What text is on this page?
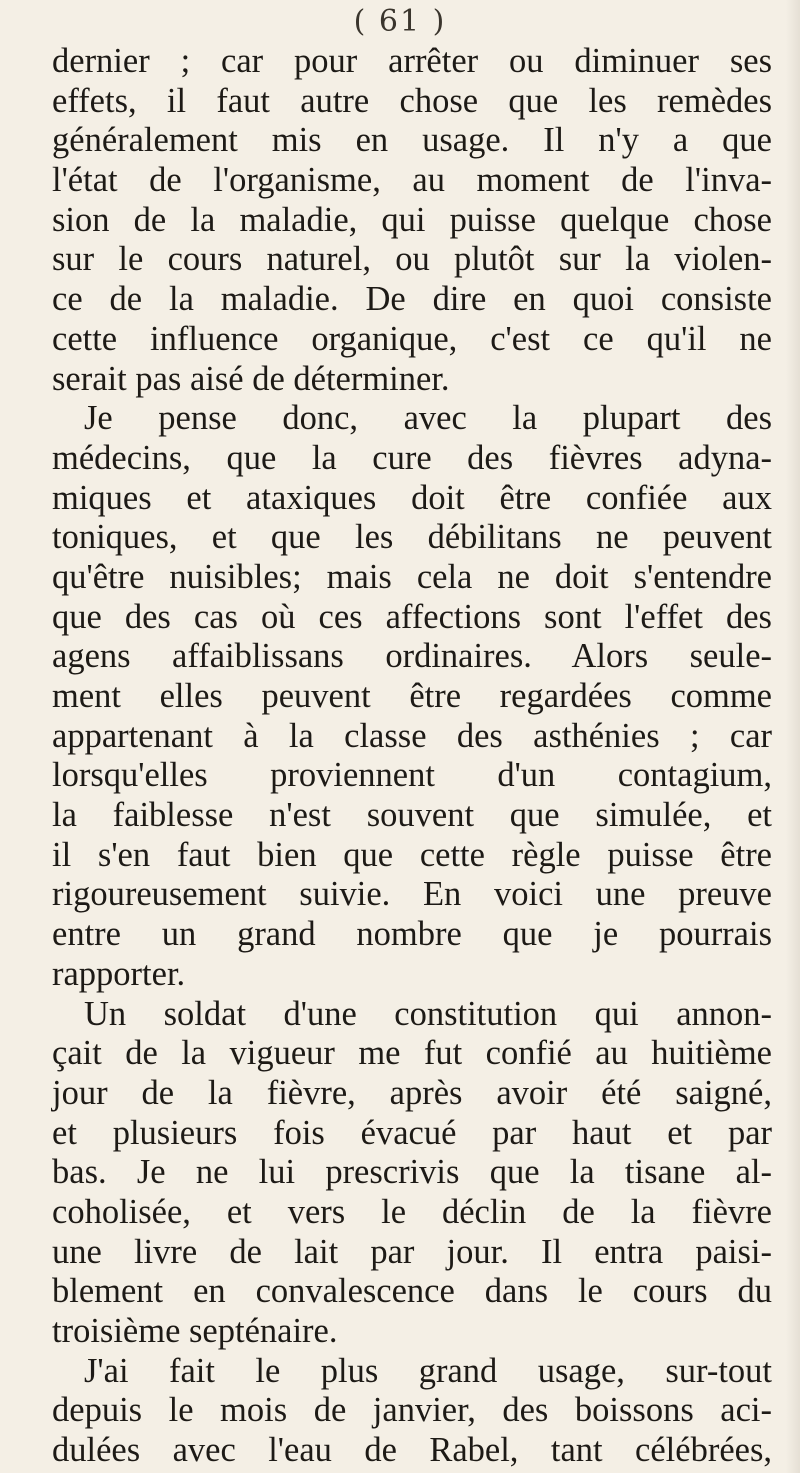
( 61 )
dernier ; car pour arrêter ou diminuer ses
effets, il faut autre chose que les remèdes
généralement mis en usage. Il n'y a que
l'état de l'organisme, au moment de l'inva-
sion de la maladie, qui puisse quelque chose
sur le cours naturel, ou plutôt sur la violen-
ce de la maladie. De dire en quoi consiste
cette influence organique, c'est ce qu'il ne
serait pas aisé de déterminer.
Je pense donc, avec la plupart des
médecins, que la cure des fièvres adyna-
miques et ataxiques doit être confiée aux
toniques, et que les débilitans ne peuvent
qu'être nuisibles; mais cela ne doit s'entendre
que des cas où ces affections sont l'effet des
agens affaiblissans ordinaires. Alors seule-
ment elles peuvent être regardées comme
appartenant à la classe des asthénies ; car
lorsqu'elles proviennent d'un contagium,
la faiblesse n'est souvent que simulée, et
il s'en faut bien que cette règle puisse être
rigoureusement suivie. En voici une preuve
entre un grand nombre que je pourrais
rapporter.
Un soldat d'une constitution qui annon-
çait de la vigueur me fut confié au huitième
jour de la fièvre, après avoir été saigné,
et plusieurs fois évacué par haut et par
bas. Je ne lui prescrivis que la tisane al-
coholisée, et vers le déclin de la fièvre
une livre de lait par jour. Il entra paisi-
blement en convalescence dans le cours du
troisième septénaire.
J'ai fait le plus grand usage, sur-tout
depuis le mois de janvier, des boissons aci-
dulées avec l'eau de Rabel, tant célébrées,
